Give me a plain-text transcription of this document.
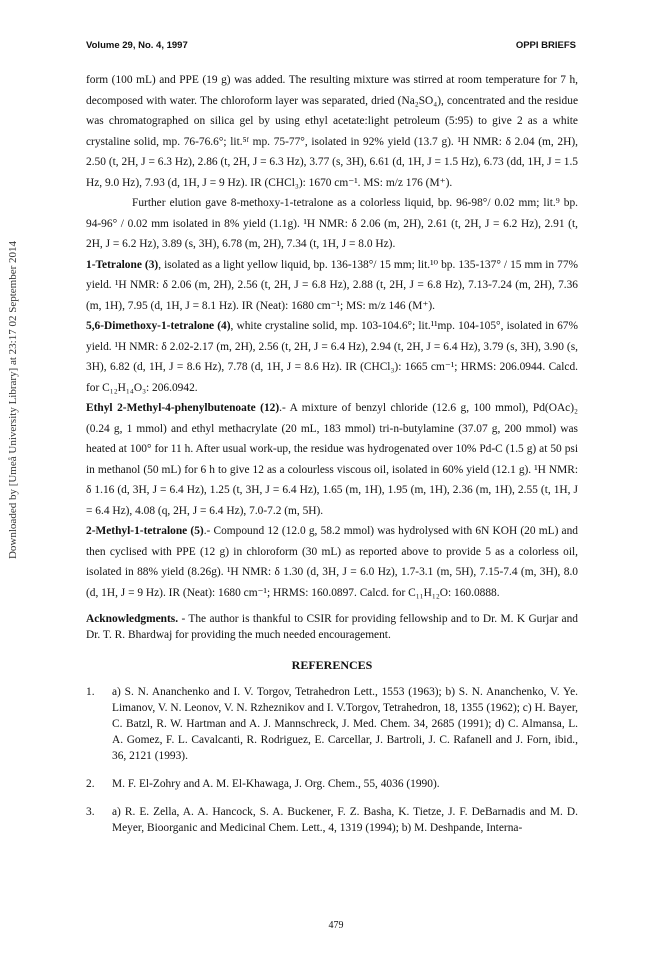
Volume 29, No. 4, 1997	OPPI BRIEFS
Downloaded by [Umeå University Library] at 23:17 02 September 2014

form (100 mL) and PPE (19 g) was added. The resulting mixture was stirred at room temperature for 7 h, decomposed with water. The chloroform layer was separated, dried (Na₂SO₄), concentrated and the residue was chromatographed on silica gel by using ethyl acetate:light petroleum (5:95) to give 2 as a white crystaline solid, mp. 76-76.6°; lit.⁵ᶠ mp. 75-77°, isolated in 92% yield (13.7 g). ¹H NMR: δ 2.04 (m, 2H), 2.50 (t, 2H, J = 6.3 Hz), 2.86 (t, 2H, J = 6.3 Hz), 3.77 (s, 3H), 6.61 (d, 1H, J = 1.5 Hz), 6.73 (dd, 1H, J = 1.5 Hz, 9.0 Hz), 7.93 (d, 1H, J = 9 Hz). IR (CHCl₃): 1670 cm⁻¹. MS: m/z 176 (M⁺).

Further elution gave 8-methoxy-1-tetralone as a colorless liquid, bp. 96-98°/ 0.02 mm; lit.⁹ bp. 94-96° / 0.02 mm isolated in 8% yield (1.1g). ¹H NMR: δ 2.06 (m, 2H), 2.61 (t, 2H, J = 6.2 Hz), 2.91 (t, 2H, J = 6.2 Hz), 3.89 (s, 3H), 6.78 (m, 2H), 7.34 (t, 1H, J = 8.0 Hz).

1-Tetralone (3), isolated as a light yellow liquid, bp. 136-138°/ 15 mm; lit.¹⁰ bp. 135-137° / 15 mm in 77% yield. ¹H NMR: δ 2.06 (m, 2H), 2.56 (t, 2H, J = 6.8 Hz), 2.88 (t, 2H, J = 6.8 Hz), 7.13-7.24 (m, 2H), 7.36 (m, 1H), 7.95 (d, 1H, J = 8.1 Hz). IR (Neat): 1680 cm⁻¹; MS: m/z 146 (M⁺).

5,6-Dimethoxy-1-tetralone (4), white crystaline solid, mp. 103-104.6°; lit.¹¹mp. 104-105°, isolated in 67% yield. ¹H NMR: δ 2.02-2.17 (m, 2H), 2.56 (t, 2H, J = 6.4 Hz), 2.94 (t, 2H, J = 6.4 Hz), 3.79 (s, 3H), 3.90 (s, 3H), 6.82 (d, 1H, J = 8.6 Hz), 7.78 (d, 1H, J = 8.6 Hz). IR (CHCl₃): 1665 cm⁻¹; HRMS: 206.0944. Calcd. for C₁₂H₁₄O₃: 206.0942.

Ethyl 2-Methyl-4-phenylbutenoate (12).- A mixture of benzyl chloride (12.6 g, 100 mmol), Pd(OAc)₂ (0.24 g, 1 mmol) and ethyl methacrylate (20 mL, 183 mmol) tri-n-butylamine (37.07 g, 200 mmol) was heated at 100° for 11 h. After usual work-up, the residue was hydrogenated over 10% Pd-C (1.5 g) at 50 psi in methanol (50 mL) for 6 h to give 12 as a colourless viscous oil, isolated in 60% yield (12.1 g). ¹H NMR: δ 1.16 (d, 3H, J = 6.4 Hz), 1.25 (t, 3H, J = 6.4 Hz), 1.65 (m, 1H), 1.95 (m, 1H), 2.36 (m, 1H), 2.55 (t, 1H, J = 6.4 Hz), 4.08 (q, 2H, J = 6.4 Hz), 7.0-7.2 (m, 5H).

2-Methyl-1-tetralone (5).- Compound 12 (12.0 g, 58.2 mmol) was hydrolysed with 6N KOH (20 mL) and then cyclised with PPE (12 g) in chloroform (30 mL) as reported above to provide 5 as a colorless oil, isolated in 88% yield (8.26g). ¹H NMR: δ 1.30 (d, 3H, J = 6.0 Hz), 1.7-3.1 (m, 5H), 7.15-7.4 (m, 3H), 8.0 (d, 1H, J = 9 Hz). IR (Neat): 1680 cm⁻¹; HRMS: 160.0897. Calcd. for C₁₁H₁₂O: 160.0888.

Acknowledgments. - The author is thankful to CSIR for providing fellowship and to Dr. M. K Gurjar and Dr. T. R. Bhardwaj for providing the much needed encouragement.

REFERENCES

1. a) S. N. Ananchenko and I. V. Torgov, Tetrahedron Lett., 1553 (1963); b) S. N. Ananchenko, V. Ye. Limanov, V. N. Leonov, V. N. Rzheznikov and I. V.Torgov, Tetrahedron, 18, 1355 (1962); c) H. Bayer, C. Batzl, R. W. Hartman and A. J. Mannschreck, J. Med. Chem. 34, 2685 (1991); d) C. Almansa, L. A. Gomez, F. L. Cavalcanti, R. Rodriguez, E. Carcellar, J. Bartroli, J. C. Rafanell and J. Forn, ibid., 36, 2121 (1993).

2. M. F. El-Zohry and A. M. El-Khawaga, J. Org. Chem., 55, 4036 (1990).

3. a) R. E. Zella, A. A. Hancock, S. A. Buckener, F. Z. Basha, K. Tietze, J. F. DeBarnadis and M. D. Meyer, Bioorganic and Medicinal Chem. Lett., 4, 1319 (1994); b) M. Deshpande, Interna-

479
